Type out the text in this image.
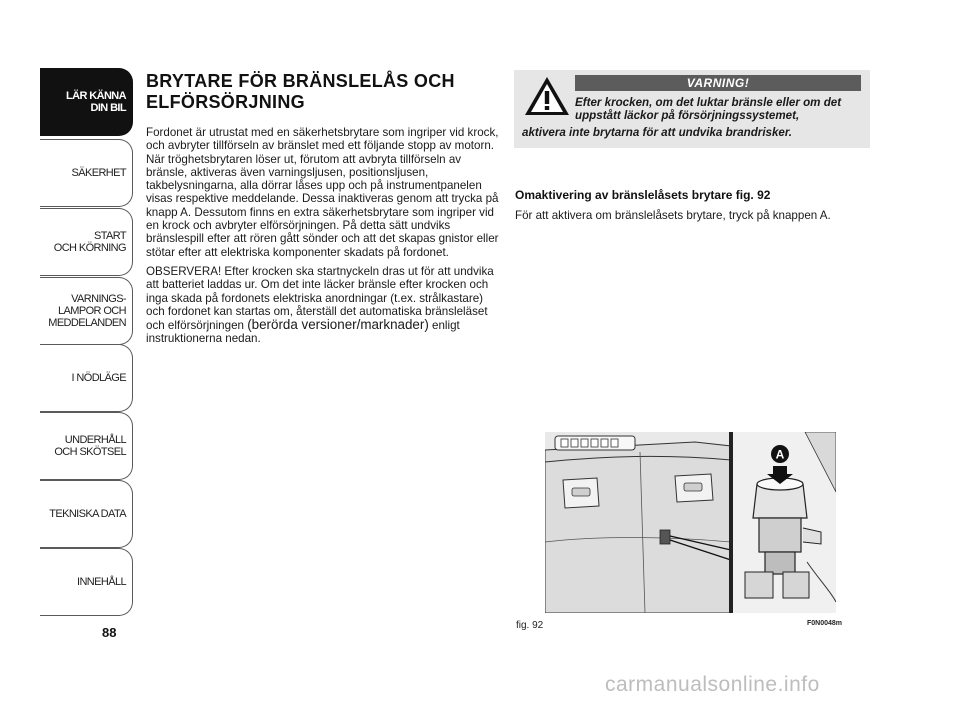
LÄR KÄNNA
DIN BIL
SÄKERHET
START
OCH KÖRNING
VARNINGS-
LAMPOR OCH
MEDDELANDEN
I NÖDLÄGE
UNDERHÅLL
OCH SKÖTSEL
TEKNISKA DATA
INNEHÅLL
88
BRYTARE FÖR BRÄNSLELÅS OCH ELFÖRSÖRJNING

Fordonet är utrustat med en säkerhetsbrytare som ingriper vid krock, och avbryter tillförseln av bränslet med ett följande stopp av motorn. När tröghetsbrytaren löser ut, förutom att avbryta tillförseln av bränsle, aktiveras även varningsljusen, positionsljusen, takbelysningarna, alla dörrar låses upp och på instrumentpanelen visas respektive meddelande. Dessa inaktiveras genom att trycka på knapp A. Dessutom finns en extra säkerhetsbrytare som ingriper vid en krock och avbryter elförsörjningen. På detta sätt undviks bränslespill efter att rören gått sönder och att det skapas gnistor eller stötar efter att elektriska komponenter skadats på fordonet.

OBSERVERA! Efter krocken ska startnyckeln dras ut för att undvika att batteriet laddas ur. Om det inte läcker bränsle efter krocken och inga skada på fordonets elektriska anordningar (t.ex. strålkastare) och fordonet kan startas om, återställ det automatiska bränsleläset och elförsörjningen (berörda versioner/marknader) enligt instruktionerna nedan.

VARNING!
Efter krocken, om det luktar bränsle eller om det uppstått läckor på försörjningssystemet,
aktivera inte brytarna för att undvika brandrisker.
Omaktivering av bränslelåsets brytare fig. 92
För att aktivera om bränslelåsets brytare, tryck på knappen A.
A
fig. 92	F0N0048m
carmanualsonline.info
